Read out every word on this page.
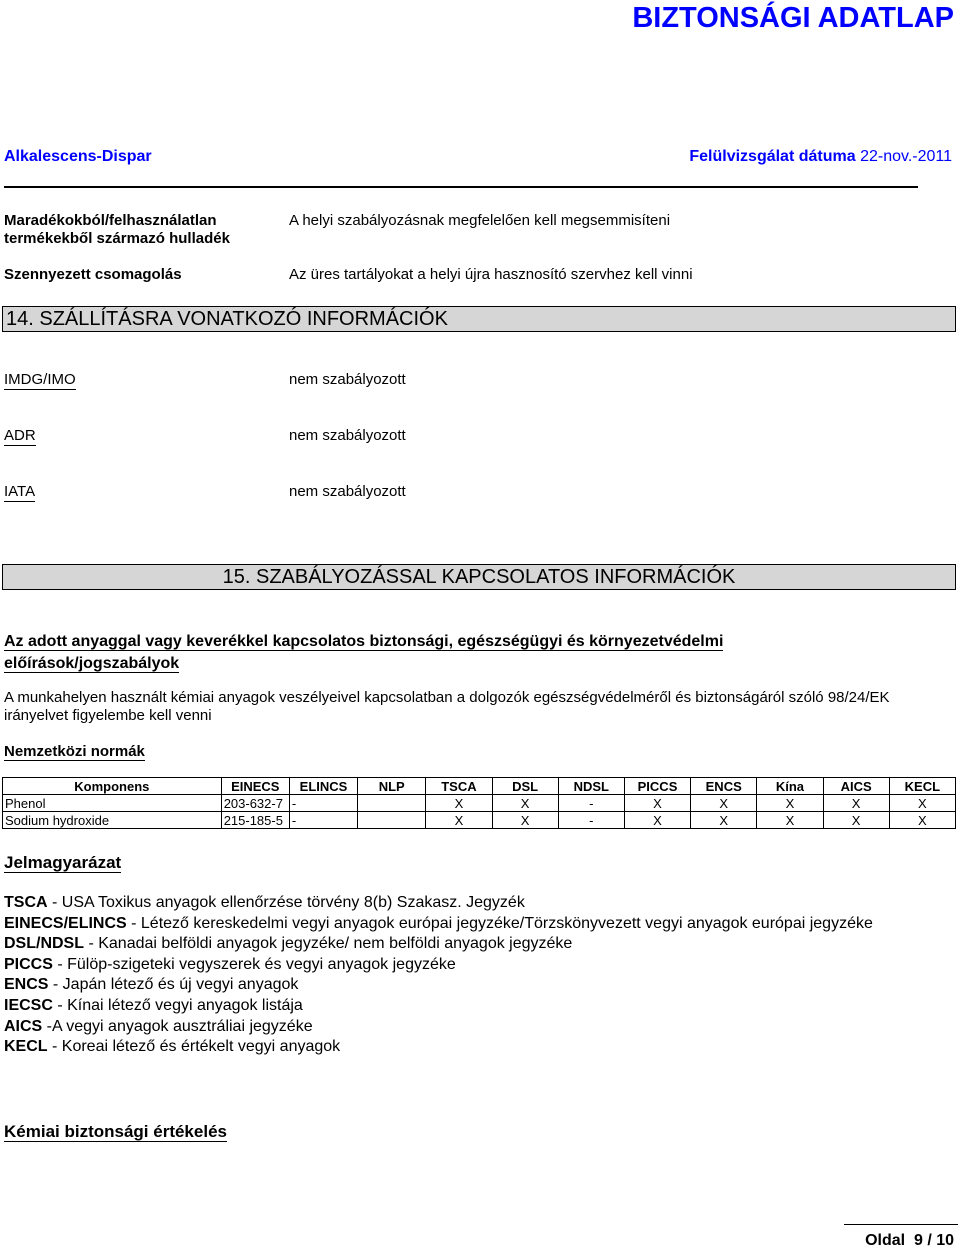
BIZTONSÁGI ADATLAP
Alkalescens-Dispar	Felülvizsgálat dátuma 22-nov.-2011
Maradékokból/felhasználatlan termékekből származó hulladék
A helyi szabályozásnak megfelelően kell megsemmisíteni
Szennyezett csomagolás	Az üres tartályokat a helyi újra hasznosító szervhez kell vinni
14. SZÁLLÍTÁSRA VONATKOZÓ INFORMÁCIÓK
IMDG/IMO	nem szabályozott
ADR	nem szabályozott
IATA	nem szabályozott
15. SZABÁLYOZÁSSAL KAPCSOLATOS INFORMÁCIÓK
Az adott anyaggal vagy keverékkel kapcsolatos biztonsági, egészségügyi és környezetvédelmi előírások/jogszabályok
A munkahelyen használt kémiai anyagok veszélyeivel kapcsolatban a dolgozók egészségvédelméről és biztonságáról szóló 98/24/EK irányelvet figyelembe kell venni
Nemzetközi normák
Komponens	EINECS	ELINCS	NLP	TSCA	DSL	NDSL	PICCS	ENCS	Kína	AICS	KECL
Phenol	203-632-7	-		X	X	-	X	X	X	X	X
Sodium hydroxide	215-185-5	-		X	X	-	X	X	X	X	X
Jelmagyarázat
TSCA - USA Toxikus anyagok ellenőrzése törvény 8(b) Szakasz. Jegyzék
EINECS/ELINCS - Létező kereskedelmi vegyi anyagok európai jegyzéke/Törzskönyvezett vegyi anyagok európai jegyzéke
DSL/NDSL - Kanadai belföldi anyagok jegyzéke/ nem belföldi anyagok jegyzéke
PICCS - Fülöp-szigeteki vegyszerek és vegyi anyagok jegyzéke
ENCS - Japán létező és új vegyi anyagok
IECSC - Kínai létező vegyi anyagok listája
AICS -A vegyi anyagok ausztráliai jegyzéke
KECL - Koreai létező és értékelt vegyi anyagok
Kémiai biztonsági értékelés
Oldal 9 / 10
